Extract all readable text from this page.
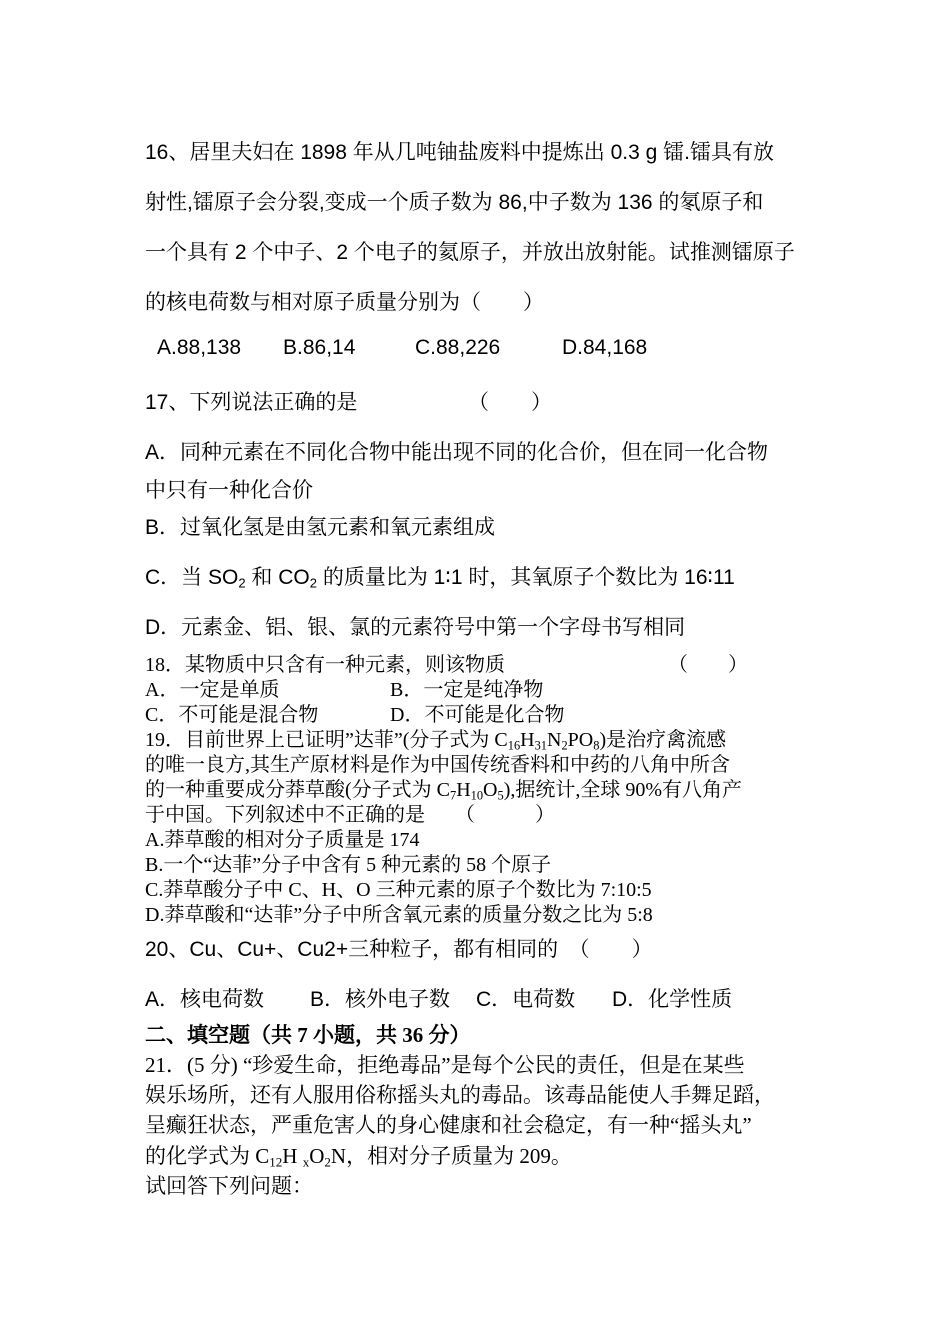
16、居里夫妇在 1898 年从几吨铀盐废料中提炼出 0.3 g 镭.镭具有放
射性,镭原子会分裂,变成一个质子数为 86,中子数为 136 的氡原子和
一个具有 2 个中子、2 个电子的氦原子，并放出放射能。试推测镭原子
的核电荷数与相对原子质量分别为（　　）
A.88,138 B.86,14	C.88,226	D.84,168
17、下列说法正确的是	（　　）
A．同种元素在不同化合物中能出现不同的化合价，但在同一化合物
中只有一种化合价
B．过氧化氢是由氢元素和氧元素组成
C．当 $SO_2$ 和 $CO_2$ 的质量比为 1∶1 时，其氧原子个数比为 16∶11
D．元素金、铝、银、氯的元素符号中第一个字母书写相同
18．某物质中只含有一种元素，则该物质	（　　）
A．一定是单质	B．一定是纯净物
C．不可能是混合物	D．不可能是化合物
19．目前世界上已证明”达菲”(分子式为 $C_{16}H_{31}N_2PO_8$)是治疗禽流感
的唯一良方,其生产原材料是作为中国传统香料和中药的八角中所含
的一种重要成分莽草酸(分子式为 $C_7H_{10}O_5$),据统计,全球 90%有八角产
于中国。下列叙述中不正确的是　　（　　　）
A.莽草酸的相对分子质量是 174
B.一个“达菲”分子中含有 5 种元素的 58 个原子
C.莽草酸分子中 C、H、O 三种元素的原子个数比为 7:10:5
D.莽草酸和“达菲”分子中所含氧元素的质量分数之比为 5:8
20、Cu、Cu+、Cu2+三种粒子，都有相同的　（　　）
A．核电荷数 B．核外电子数 C．电荷数 D．化学性质
二、填空题（共 7 小题，共 36 分）
21．(5 分) “珍爱生命，拒绝毒品”是每个公民的责任，但是在某些
娱乐场所，还有人服用俗称摇头丸的毒品。该毒品能使人手舞足蹈，
呈癫狂状态，严重危害人的身心健康和社会稳定，有一种“摇头丸”
的化学式为 $C_{12}H$ $_xO_2N$，相对分子质量为 209。
试回答下列问题：
